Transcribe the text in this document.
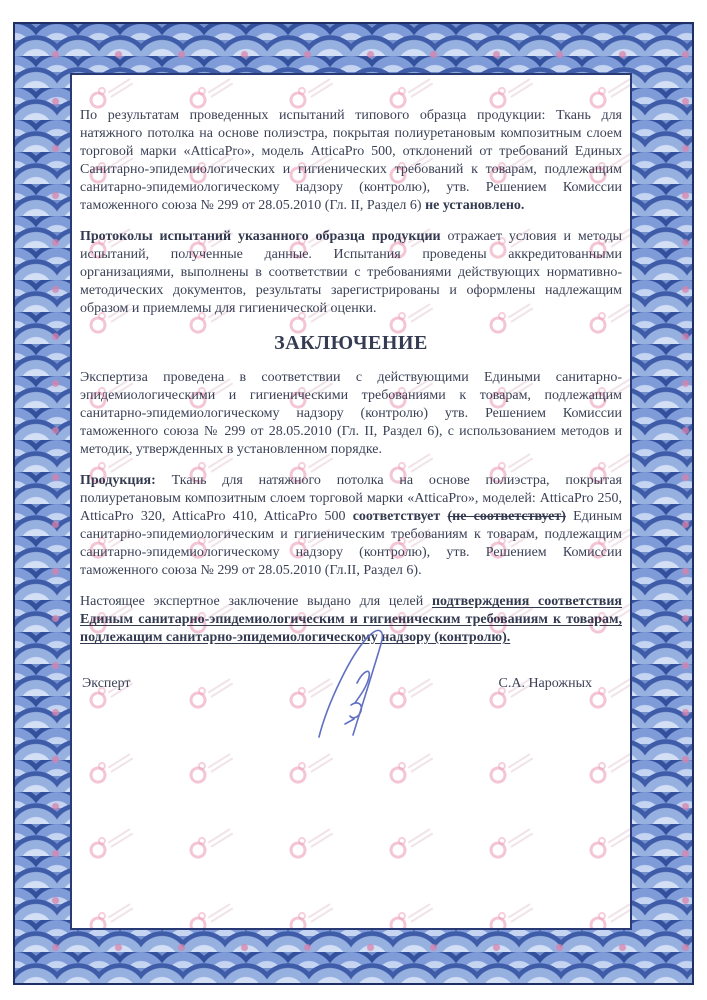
По результатам проведенных испытаний типового образца продукции: Ткань для натяжного потолка на основе полиэстра, покрытая полиуретановым композитным слоем торговой марки «AtticaPro», модель AtticaPro 500, отклонений от требований Единых Санитарно-эпидемиологических и гигиенических требований к товарам, подлежащим санитарно-эпидемиологическому надзору (контролю), утв. Решением Комиссии таможенного союза № 299 от 28.05.2010 (Гл. II, Раздел 6) не установлено.

Протоколы испытаний указанного образца продукции отражает условия и методы испытаний, полученные данные. Испытания проведены аккредитованными организациями, выполнены в соответствии с требованиями действующих нормативно-методических документов, результаты зарегистрированы и оформлены надлежащим образом и приемлемы для гигиенической оценки.

ЗАКЛЮЧЕНИЕ

Экспертиза проведена в соответствии с действующими Едиными санитарно-эпидемиологическими и гигиеническими требованиями к товарам, подлежащим санитарно-эпидемиологическому надзору (контролю) утв. Решением Комиссии таможенного союза № 299 от 28.05.2010 (Гл. II, Раздел 6), с использованием методов и методик, утвержденных в установленном порядке.

Продукция: Ткань для натяжного потолка на основе полиэстра, покрытая полиуретановым композитным слоем торговой марки «AtticaPro», моделей: AtticaPro 250, AtticaPro 320, AtticaPro 410, AtticaPro 500 соответствует (не соответствует) Единым санитарно-эпидемиологическим и гигиеническим требованиям к товарам, подлежащим санитарно-эпидемиологическому надзору (контролю), утв. Решением Комиссии таможенного союза № 299 от 28.05.2010 (Гл.II, Раздел 6).

Настоящее экспертное заключение выдано для целей подтверждения соответствия Единым санитарно-эпидемиологическим и гигиеническим требованиям к товарам, подлежащим санитарно-эпидемиологическому надзору (контролю).

Эксперт	С.А. Нарожных
